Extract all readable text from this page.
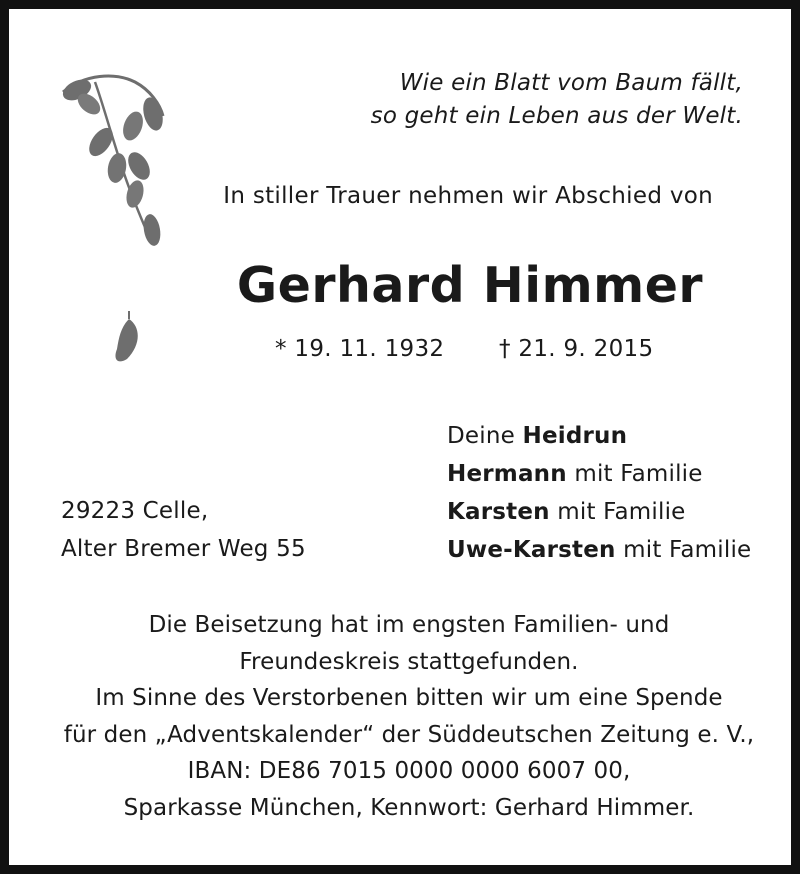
Wie ein Blatt vom Baum fällt,
so geht ein Leben aus der Welt.
In stiller Trauer nehmen wir Abschied von
Gerhard Himmer
* 19. 11. 1932 † 21. 9. 2015
Deine Heidrun
Hermann mit Familie
Karsten mit Familie
Uwe-Karsten mit Familie
29223 Celle,
Alter Bremer Weg 55
Die Beisetzung hat im engsten Familien- und
Freundeskreis stattgefunden.
Im Sinne des Verstorbenen bitten wir um eine Spende
für den „Adventskalender“ der Süddeutschen Zeitung e. V.,
IBAN: DE86 7015 0000 0000 6007 00,
Sparkasse München, Kennwort: Gerhard Himmer.
